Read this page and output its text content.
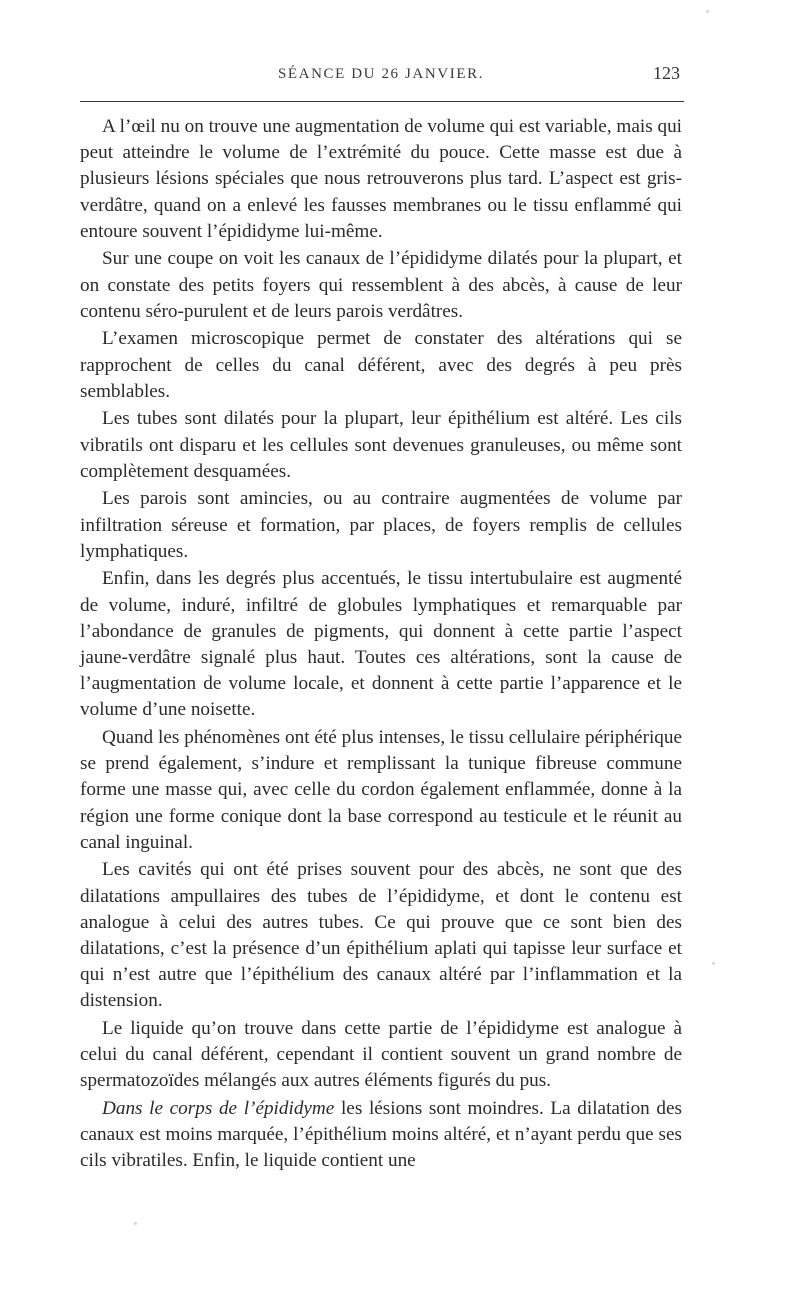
SÉANCE DU 26 JANVIER.	123

A l’œil nu on trouve une augmentation de volume qui est variable, mais qui peut atteindre le volume de l’extrémité du pouce. Cette masse est due à plusieurs lésions spéciales que nous retrouverons plus tard. L’aspect est gris-verdâtre, quand on a enlevé les fausses membranes ou le tissu enflammé qui entoure souvent l’épididyme lui-même.

Sur une coupe on voit les canaux de l’épididyme dilatés pour la plupart, et on constate des petits foyers qui ressemblent à des abcès, à cause de leur contenu séro-purulent et de leurs parois verdâtres.

L’examen microscopique permet de constater des altérations qui se rapprochent de celles du canal déférent, avec des degrés à peu près semblables.

Les tubes sont dilatés pour la plupart, leur épithélium est altéré. Les cils vibratils ont disparu et les cellules sont devenues granuleuses, ou même sont complètement desquamées.

Les parois sont amincies, ou au contraire augmentées de volume par infiltration séreuse et formation, par places, de foyers remplis de cellules lymphatiques.

Enfin, dans les degrés plus accentués, le tissu intertubulaire est augmenté de volume, induré, infiltré de globules lymphatiques et remarquable par l’abondance de granules de pigments, qui donnent à cette partie l’aspect jaune-verdâtre signalé plus haut. Toutes ces altérations, sont la cause de l’augmentation de volume locale, et donnent à cette partie l’apparence et le volume d’une noisette.

Quand les phénomènes ont été plus intenses, le tissu cellulaire périphérique se prend également, s’indure et remplissant la tunique fibreuse commune forme une masse qui, avec celle du cordon également enflammée, donne à la région une forme conique dont la base correspond au testicule et le réunit au canal inguinal.

Les cavités qui ont été prises souvent pour des abcès, ne sont que des dilatations ampullaires des tubes de l’épididyme, et dont le contenu est analogue à celui des autres tubes. Ce qui prouve que ce sont bien des dilatations, c’est la présence d’un épithélium aplati qui tapisse leur surface et qui n’est autre que l’épithélium des canaux altéré par l’inflammation et la distension.

Le liquide qu’on trouve dans cette partie de l’épididyme est analogue à celui du canal déférent, cependant il contient souvent un grand nombre de spermatozoïdes mélangés aux autres éléments figurés du pus.

Dans le corps de l’épididyme les lésions sont moindres. La dilatation des canaux est moins marquée, l’épithélium moins altéré, et n’ayant perdu que ses cils vibratiles. Enfin, le liquide contient une
